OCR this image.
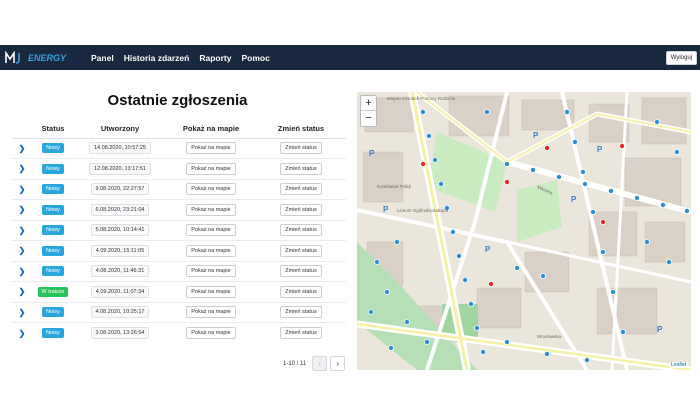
ENERGY	Panel Historia zdarzeń Raporty Pomoc	Wyloguj
Ostatnie zgłoszenia
	Status	Utworzony	Pokaż na mapie	Zmień status
❯	Nowy	14.08.2020, 10:57:25	Pokaż na mapie	Zmień status
❯	Nowy	12.08.2020, 13:17:51	Pokaż na mapie	Zmień status
❯	Nowy	9.08.2020, 22:27:57	Pokaż na mapie	Zmień status
❯	Nowy	6.08.2020, 23:21:04	Pokaż na mapie	Zmień status
❯	Nowy	5.08.2020, 10:14:41	Pokaż na mapie	Zmień status
❯	Nowy	4.09.2020, 15:11:05	Pokaż na mapie	Zmień status
❯	Nowy	4.08.2020, 11:46:31	Pokaż na mapie	Zmień status
❯	W trakcie	4.09.2020, 11:07:34	Pokaż na mapie	Zmień status
❯	Nowy	4.08.2020, 10:25:17	Pokaż na mapie	Zmień status
❯	Nowy	3.08.2020, 13:26:54	Pokaż na mapie	Zmień status
1-10 / 11	‹	›
P
P
P
P
P
P
P
Miejski Ośrodek Pomocy Rodzinie
Komisariat Policji
Liceum Ogólnokształcące
Wrocławska
Mariana
+
−
Leaflet
